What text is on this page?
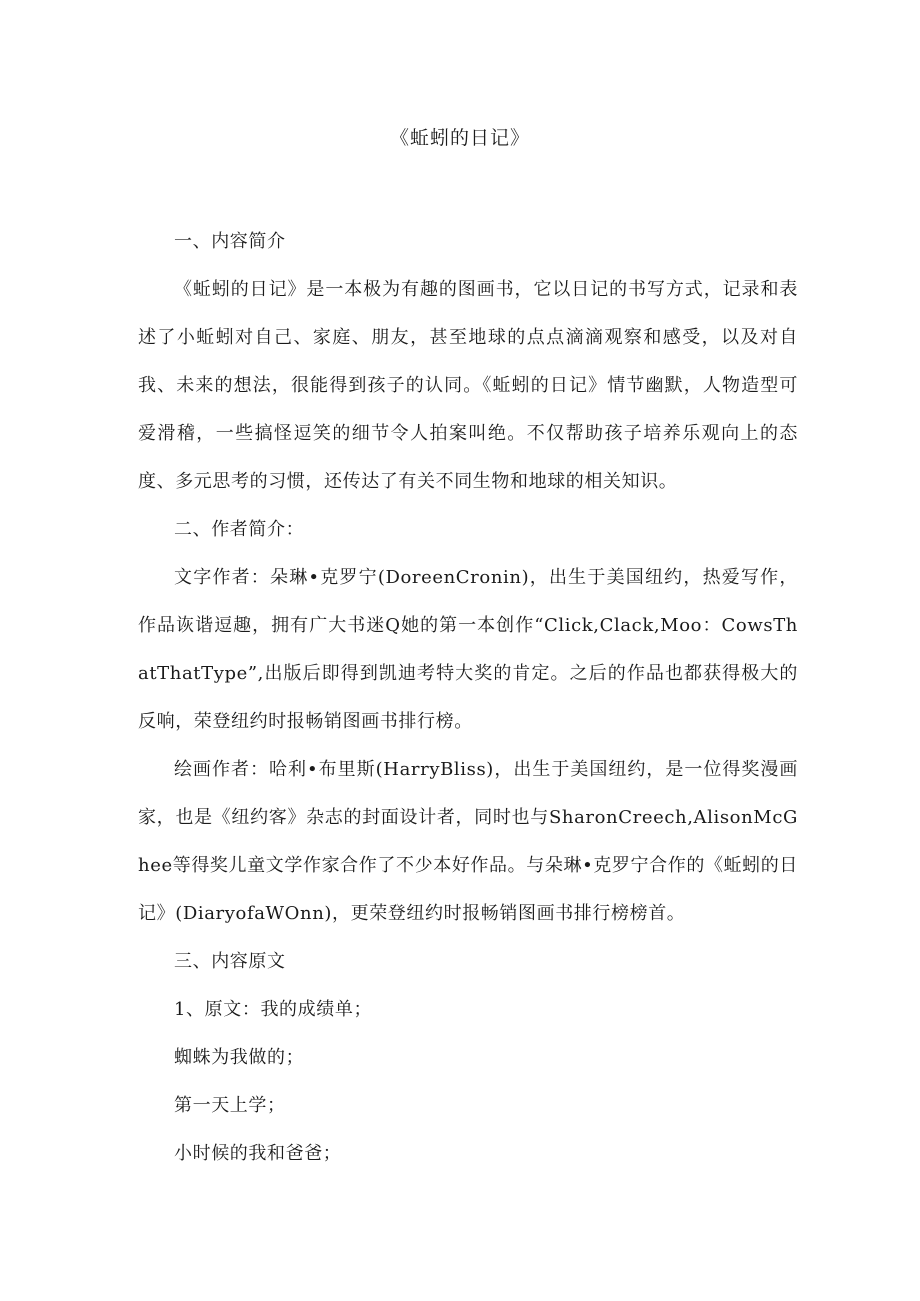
《蚯蚓的日记》

一、内容简介

《蚯蚓的日记》是一本极为有趣的图画书，它以日记的书写方式，记录和表述了小蚯蚓对自己、家庭、朋友，甚至地球的点点滴滴观察和感受，以及对自我、未来的想法，很能得到孩子的认同。《蚯蚓的日记》情节幽默，人物造型可爱滑稽，一些搞怪逗笑的细节令人拍案叫绝。不仅帮助孩子培养乐观向上的态度、多元思考的习惯，还传达了有关不同生物和地球的相关知识。

二、作者简介：

文字作者：朵琳•克罗宁(DoreenCronin)，出生于美国纽约，热爱写作，作品诙谐逗趣，拥有广大书迷Q她的第一本创作“Click,Clack,Moo：CowsThatThatType”,出版后即得到凯迪考特大奖的肯定。之后的作品也都获得极大的反响，荣登纽约时报畅销图画书排行榜。

绘画作者：哈利•布里斯(HarryBliss)，出生于美国纽约，是一位得奖漫画家，也是《纽约客》杂志的封面设计者，同时也与SharonCreech,AlisonMcGhee等得奖儿童文学作家合作了不少本好作品。与朵琳•克罗宁合作的《蚯蚓的日记》(DiaryofaWOnn)，更荣登纽约时报畅销图画书排行榜榜首。

三、内容原文

1、原文：我的成绩单；

蜘蛛为我做的；

第一天上学；

小时候的我和爸爸；
